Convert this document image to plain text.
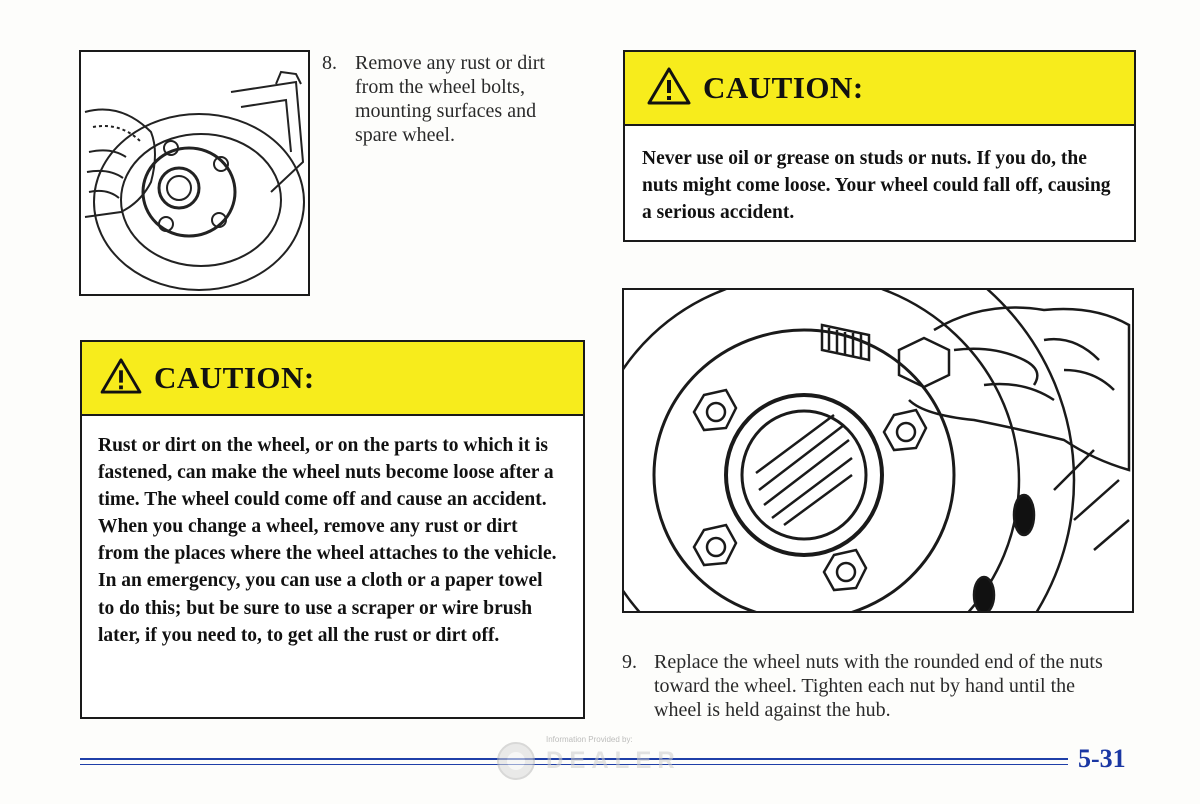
8. Remove any rust or dirt from the wheel bolts, mounting surfaces and spare wheel.
CAUTION:
Never use oil or grease on studs or nuts. If you do, the nuts might come loose. Your wheel could fall off, causing a serious accident.
CAUTION:
Rust or dirt on the wheel, or on the parts to which it is fastened, can make the wheel nuts become loose after a time. The wheel could come off and cause an accident. When you change a wheel, remove any rust or dirt from the places where the wheel attaches to the vehicle. In an emergency, you can use a cloth or a paper towel to do this; but be sure to use a scraper or wire brush later, if you need to, to get all the rust or dirt off.
9. Replace the wheel nuts with the rounded end of the nuts toward the wheel. Tighten each nut by hand until the wheel is held against the hub.
Information Provided by:
DEALER	5-31
